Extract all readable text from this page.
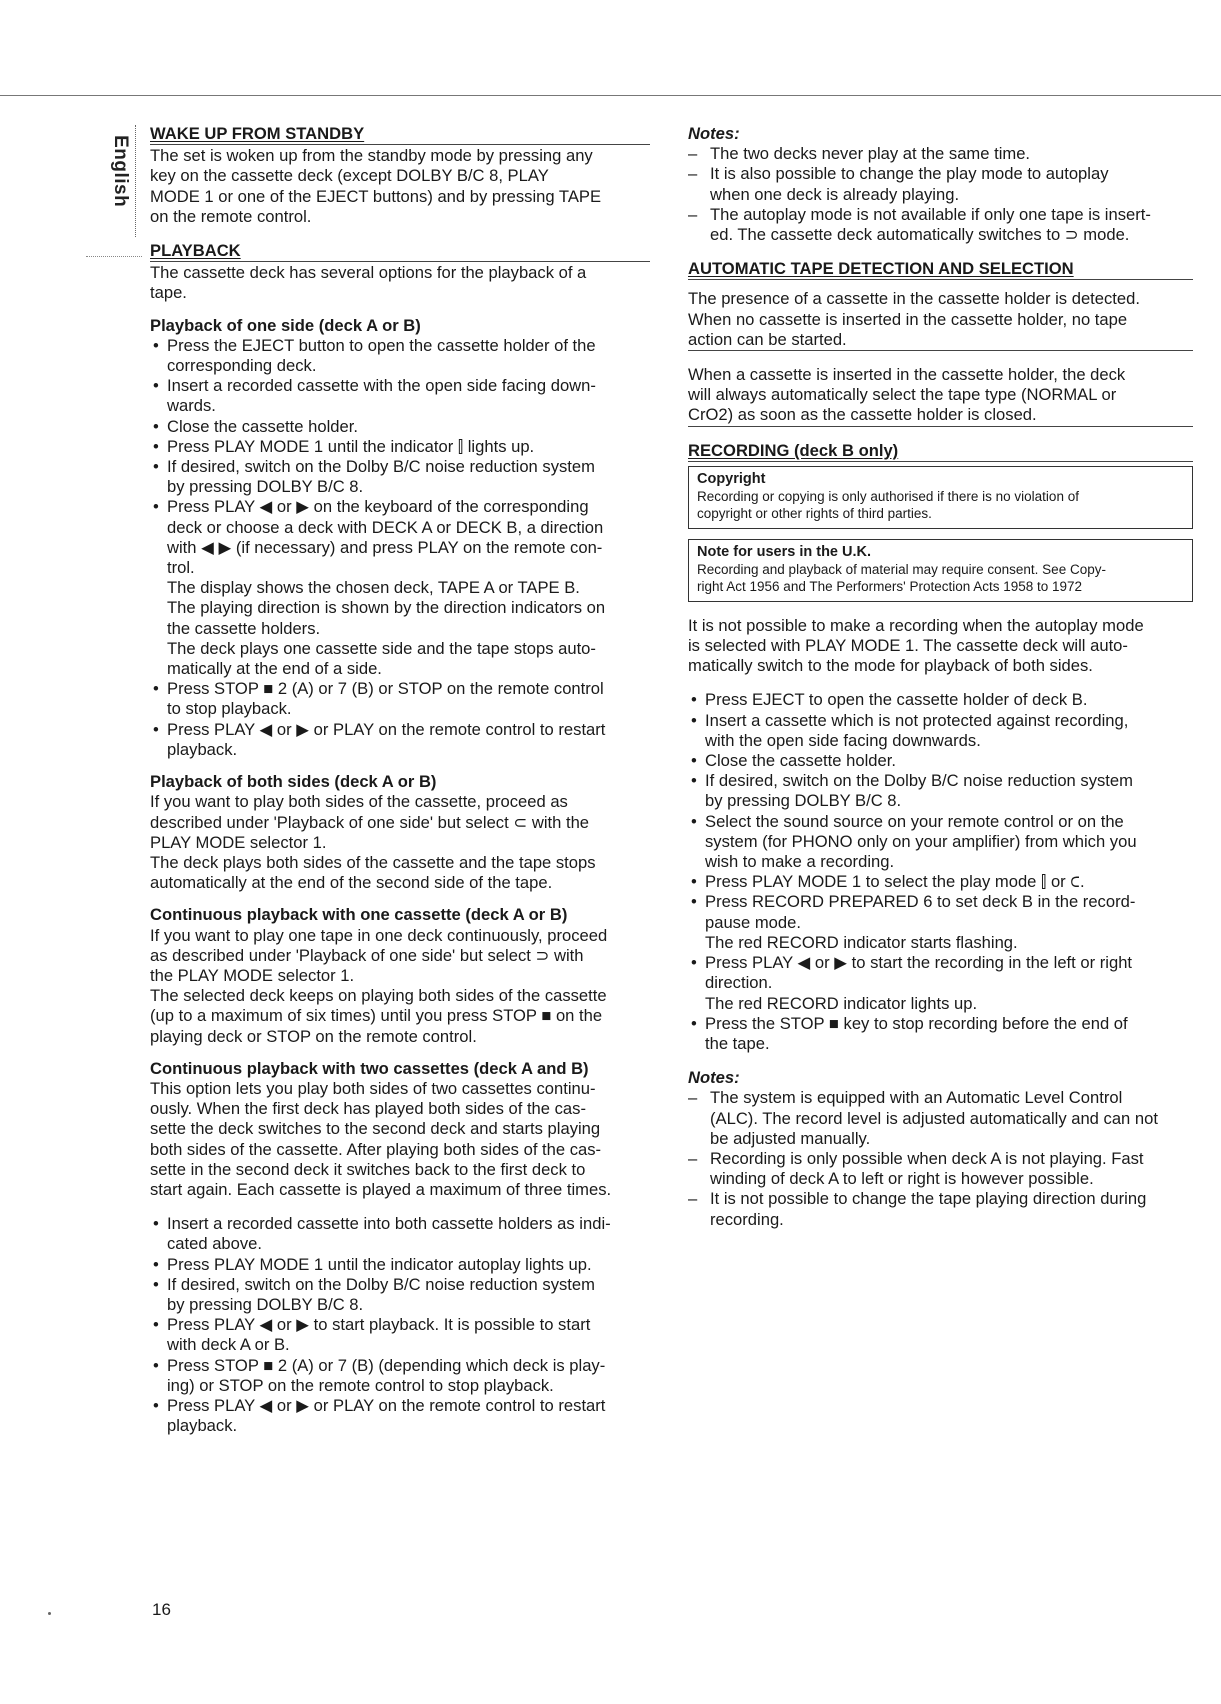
English
WAKE UP FROM STANDBY
The set is woken up from the standby mode by pressing any
key on the cassette deck (except DOLBY B/C 8, PLAY
MODE 1 or one of the EJECT buttons) and by pressing TAPE
on the remote control.
PLAYBACK
The cassette deck has several options for the playback of a
tape.
Playback of one side (deck A or B)
• Press the EJECT button to open the cassette holder of the
corresponding deck.
• Insert a recorded cassette with the open side facing down-
wards.
• Close the cassette holder.
• Press PLAY MODE 1 until the indicator ⫿ lights up.
• If desired, switch on the Dolby B/C noise reduction system
by pressing DOLBY B/C 8.
• Press PLAY ◀ or ▶ on the keyboard of the corresponding
deck or choose a deck with DECK A or DECK B, a direction
with ◀ ▶ (if necessary) and press PLAY on the remote con-
trol.
The display shows the chosen deck, TAPE A or TAPE B.
The playing direction is shown by the direction indicators on
the cassette holders.
The deck plays one cassette side and the tape stops auto-
matically at the end of a side.
• Press STOP ■ 2 (A) or 7 (B) or STOP on the remote control
to stop playback.
• Press PLAY ◀ or ▶ or PLAY on the remote control to restart
playback.
Playback of both sides (deck A or B)
If you want to play both sides of the cassette, proceed as
described under 'Playback of one side' but select ⊂ with the
PLAY MODE selector 1.
The deck plays both sides of the cassette and the tape stops
automatically at the end of the second side of the tape.
Continuous playback with one cassette (deck A or B)
If you want to play one tape in one deck continuously, proceed
as described under 'Playback of one side' but select ⊃ with
the PLAY MODE selector 1.
The selected deck keeps on playing both sides of the cassette
(up to a maximum of six times) until you press STOP ■ on the
playing deck or STOP on the remote control.
Continuous playback with two cassettes (deck A and B)
This option lets you play both sides of two cassettes continu-
ously. When the first deck has played both sides of the cas-
sette the deck switches to the second deck and starts playing
both sides of the cassette. After playing both sides of the cas-
sette in the second deck it switches back to the first deck to
start again. Each cassette is played a maximum of three times.
• Insert a recorded cassette into both cassette holders as indi-
cated above.
• Press PLAY MODE 1 until the indicator autoplay lights up.
• If desired, switch on the Dolby B/C noise reduction system
by pressing DOLBY B/C 8.
• Press PLAY ◀ or ▶ to start playback. It is possible to start
with deck A or B.
• Press STOP ■ 2 (A) or 7 (B) (depending which deck is play-
ing) or STOP on the remote control to stop playback.
• Press PLAY ◀ or ▶ or PLAY on the remote control to restart
playback.
Notes:
– The two decks never play at the same time.
– It is also possible to change the play mode to autoplay
when one deck is already playing.
– The autoplay mode is not available if only one tape is insert-
ed. The cassette deck automatically switches to ⊃ mode.
AUTOMATIC TAPE DETECTION AND SELECTION
The presence of a cassette in the cassette holder is detected.
When no cassette is inserted in the cassette holder, no tape
action can be started.
When a cassette is inserted in the cassette holder, the deck
will always automatically select the tape type (NORMAL or
CrO2) as soon as the cassette holder is closed.
RECORDING (deck B only)
Copyright
Recording or copying is only authorised if there is no violation of
copyright or other rights of third parties.
Note for users in the U.K.
Recording and playback of material may require consent. See Copy-
right Act 1956 and The Performers' Protection Acts 1958 to 1972
It is not possible to make a recording when the autoplay mode
is selected with PLAY MODE 1. The cassette deck will auto-
matically switch to the mode for playback of both sides.
• Press EJECT to open the cassette holder of deck B.
• Insert a cassette which is not protected against recording,
with the open side facing downwards.
• Close the cassette holder.
• If desired, switch on the Dolby B/C noise reduction system
by pressing DOLBY B/C 8.
• Select the sound source on your remote control or on the
system (for PHONO only on your amplifier) from which you
wish to make a recording.
• Press PLAY MODE 1 to select the play mode ⫿ or ⊂.
• Press RECORD PREPARED 6 to set deck B in the record-
pause mode.
The red RECORD indicator starts flashing.
• Press PLAY ◀ or ▶ to start the recording in the left or right
direction.
The red RECORD indicator lights up.
• Press the STOP ■ key to stop recording before the end of
the tape.
Notes:
– The system is equipped with an Automatic Level Control
(ALC). The record level is adjusted automatically and can not
be adjusted manually.
– Recording is only possible when deck A is not playing. Fast
winding of deck A to left or right is however possible.
– It is not possible to change the tape playing direction during
recording.
16
